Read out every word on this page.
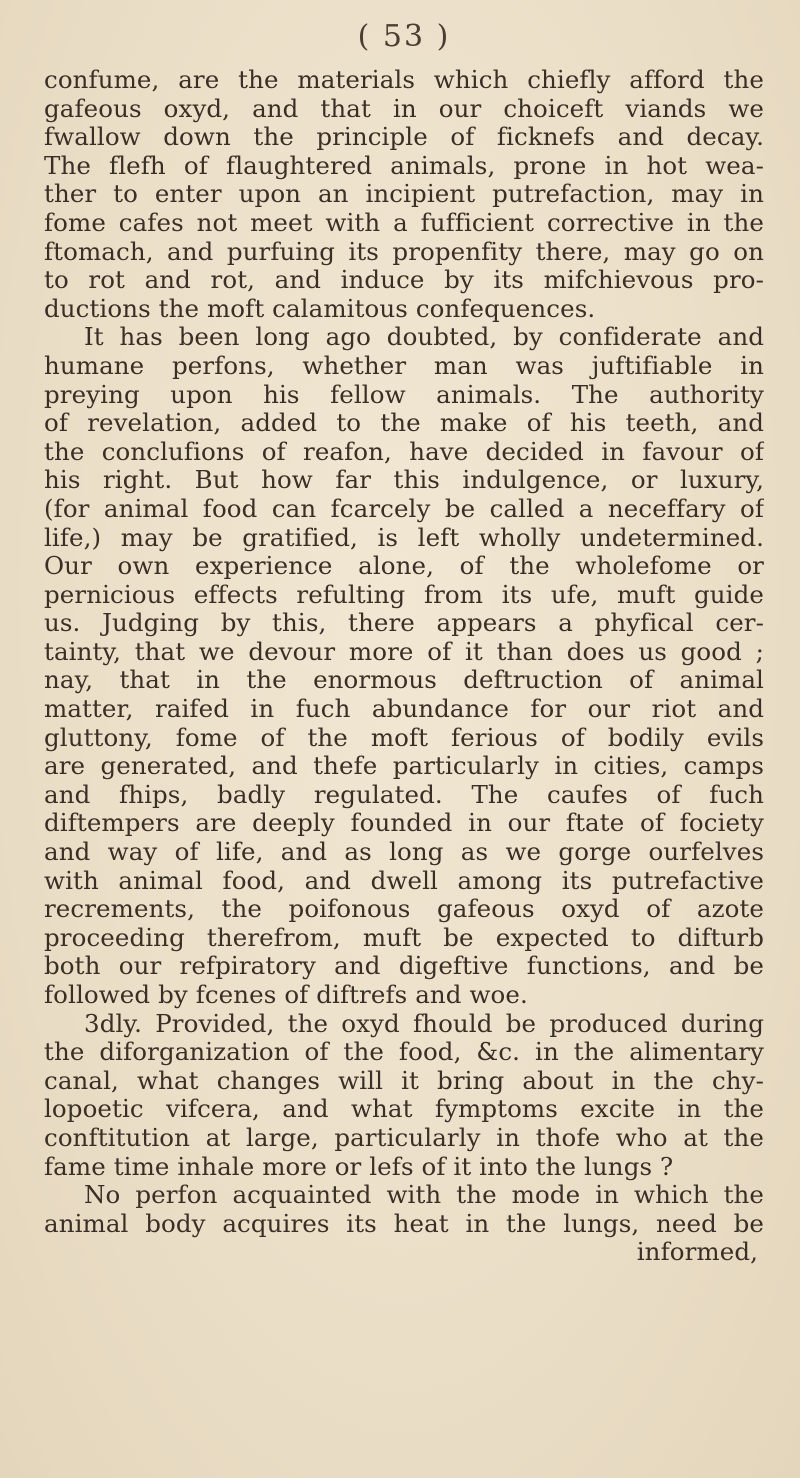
( 53 )
confume, are the materials which chiefly afford the
gafeous oxyd, and that in our choiceft viands we
fwallow down the principle of ficknefs and decay.
The flefh of flaughtered animals, prone in hot wea-
ther to enter upon an incipient putrefaction, may in
fome cafes not meet with a fufficient corrective in the
ftomach, and purfuing its propenfity there, may go on
to rot and rot, and induce by its mifchievous pro-
ductions the moft calamitous confequences.
It has been long ago doubted, by confiderate and
humane perfons, whether man was juftifiable in
preying upon his fellow animals. The authority
of revelation, added to the make of his teeth, and
the conclufions of reafon, have decided in favour of
his right. But how far this indulgence, or luxury,
(for animal food can fcarcely be called a neceffary of
life,) may be gratified, is left wholly undetermined.
Our own experience alone, of the wholefome or
pernicious effects refulting from its ufe, muft guide
us. Judging by this, there appears a phyfical cer-
tainty, that we devour more of it than does us good ;
nay, that in the enormous deftruction of animal
matter, raifed in fuch abundance for our riot and
gluttony, fome of the moft ferious of bodily evils
are generated, and thefe particularly in cities, camps
and fhips, badly regulated. The caufes of fuch
diftempers are deeply founded in our ftate of fociety
and way of life, and as long as we gorge ourfelves
with animal food, and dwell among its putrefactive
recrements, the poifonous gafeous oxyd of azote
proceeding therefrom, muft be expected to difturb
both our refpiratory and digeftive functions, and be
followed by fcenes of diftrefs and woe.
3dly. Provided, the oxyd fhould be produced during
the diforganization of the food, &c. in the alimentary
canal, what changes will it bring about in the chy-
lopoetic vifcera, and what fymptoms excite in the
conftitution at large, particularly in thofe who at the
fame time inhale more or lefs of it into the lungs ?
No perfon acquainted with the mode in which the
animal body acquires its heat in the lungs, need be
informed,
